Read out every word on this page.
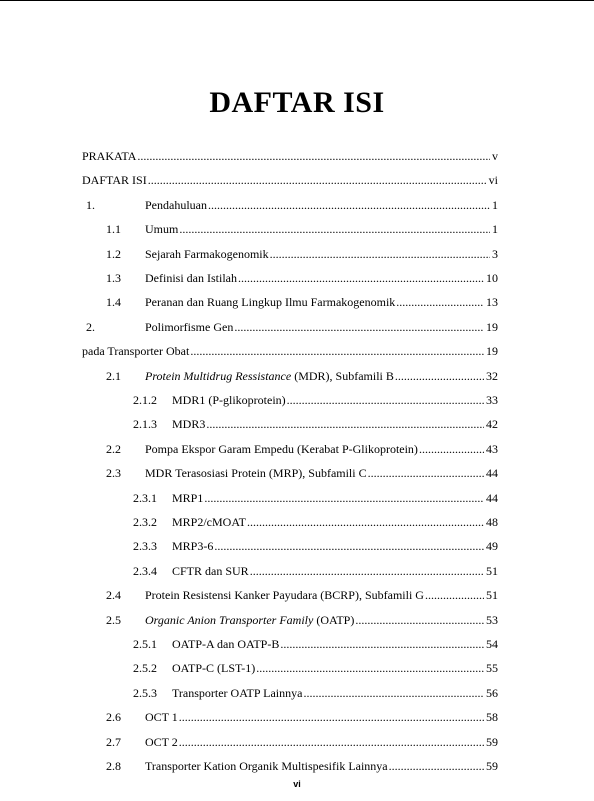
DAFTAR ISI
PRAKATA .....	v
DAFTAR ISI .....	vi
1.	Pendahuluan .....	1
1.1 Umum .....	1
1.2 Sejarah Farmakogenomik .....	3
1.3 Definisi dan Istilah .....	10
1.4 Peranan dan Ruang Lingkup Ilmu Farmakogenomik .....	13
2.	Polimorfisme Gen .....	19
pada Transporter Obat .....	19
2.1 Protein Multidrug Ressistance (MDR), Subfamili B .....	32
2.1.2 MDR1 (P-glikoprotein) .....	33
2.1.3 MDR3 .....	42
2.2 Pompa Ekspor Garam Empedu (Kerabat P-Glikoprotein) .....	43
2.3 MDR Terasosiasi Protein (MRP), Subfamili C .....	44
2.3.1 MRP1 .....	44
2.3.2 MRP2/cMOAT .....	48
2.3.3 MRP3-6 .....	49
2.3.4 CFTR dan SUR .....	51
2.4 Protein Resistensi Kanker Payudara (BCRP), Subfamili G .....	51
2.5 Organic Anion Transporter Family (OATP) .....	53
2.5.1 OATP-A dan OATP-B .....	54
2.5.2 OATP-C (LST-1) .....	55
2.5.3 Transporter OATP Lainnya .....	56
2.6 OCT 1 .....	58
2.7 OCT 2 .....	59
2.8 Transporter Kation Organik Multispesifik Lainnya .....	59
vi
